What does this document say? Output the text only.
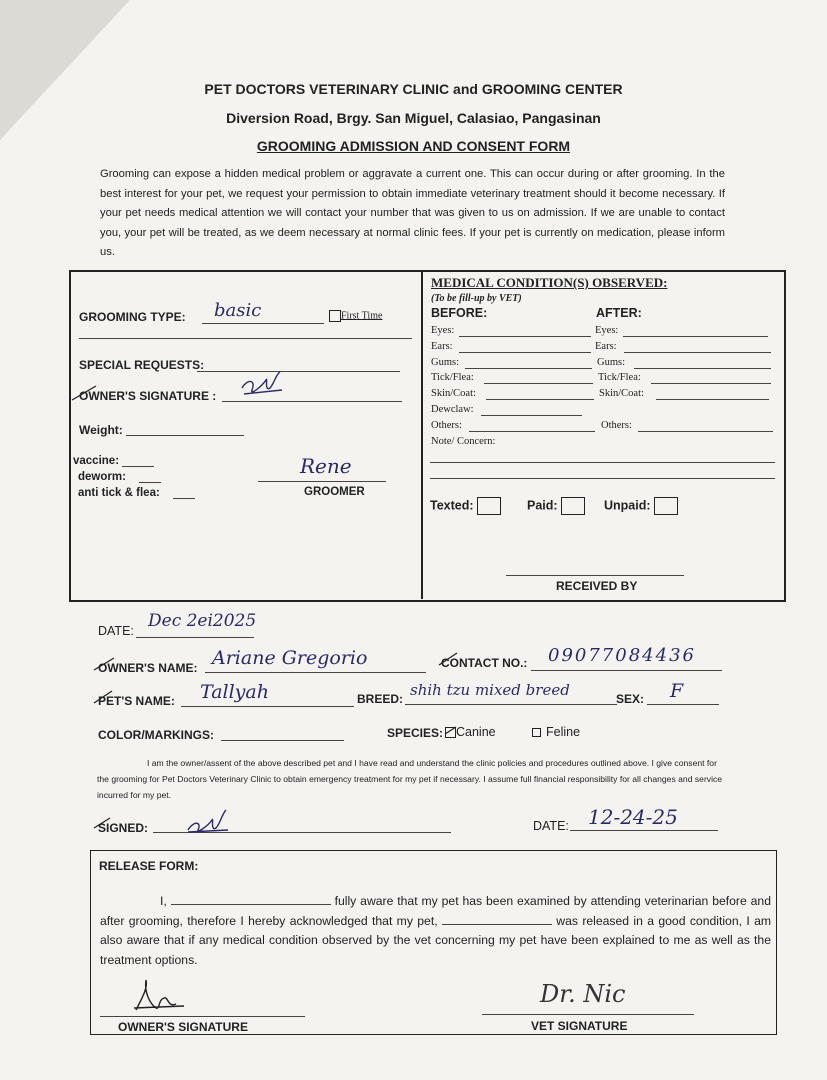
PET DOCTORS VETERINARY CLINIC and GROOMING CENTER
Diversion Road, Brgy. San Miguel, Calasiao, Pangasinan
GROOMING ADMISSION AND CONSENT FORM
Grooming can expose a hidden medical problem or aggravate a current one. This can occur during or after grooming. In the best interest for your pet, we request your permission to obtain immediate veterinary treatment should it become necessary. If your pet needs medical attention we will contact your number that was given to us on admission. If we are unable to contact you, your pet will be treated, as we deem necessary at normal clinic fees. If your pet is currently on medication, please inform us.
GROOMING TYPE: basic	First Time
SPECIAL REQUESTS:
OWNER'S SIGNATURE :
Weight:
vaccine:
deworm:
anti tick & flea:
Rene
GROOMER
MEDICAL CONDITION(S) OBSERVED:
(To be fill-up by VET)
BEFORE:	AFTER:
Eyes:	Eyes:
Ears:	Ears:
Gums:	Gums:
Tick/Flea:	Tick/Flea:
Skin/Coat:	Skin/Coat:
Dewclaw:
Others:	Others:
Note/ Concern:
Texted:	Paid:	Unpaid:
RECEIVED BY
DATE: Dec 2ei2025
OWNER'S NAME: Ariane Gregorio	CONTACT NO.: 09077084436
PET'S NAME: Tallyah	BREED: shih tzu mixed breed	SEX: F
COLOR/MARKINGS:	SPECIES:	Canine	Feline
I am the owner/assent of the above described pet and I have read and understand the clinic policies and procedures outlined above. I give consent for the grooming for Pet Doctors Veterinary Clinic to obtain emergency treatment for my pet if necessary. I assume full financial responsibility for all changes and service incurred for my pet.
SIGNED:	DATE: 12-24-25
RELEASE FORM:
I,	fully aware that my pet has been examined by attending veterinarian before and after grooming, therefore I hereby acknowledged that my pet,	was released in a good condition, I am also aware that if any medical condition observed by the vet concerning my pet have been explained to me as well as the treatment options.
OWNER'S SIGNATURE
Dr. Nic
VET SIGNATURE
